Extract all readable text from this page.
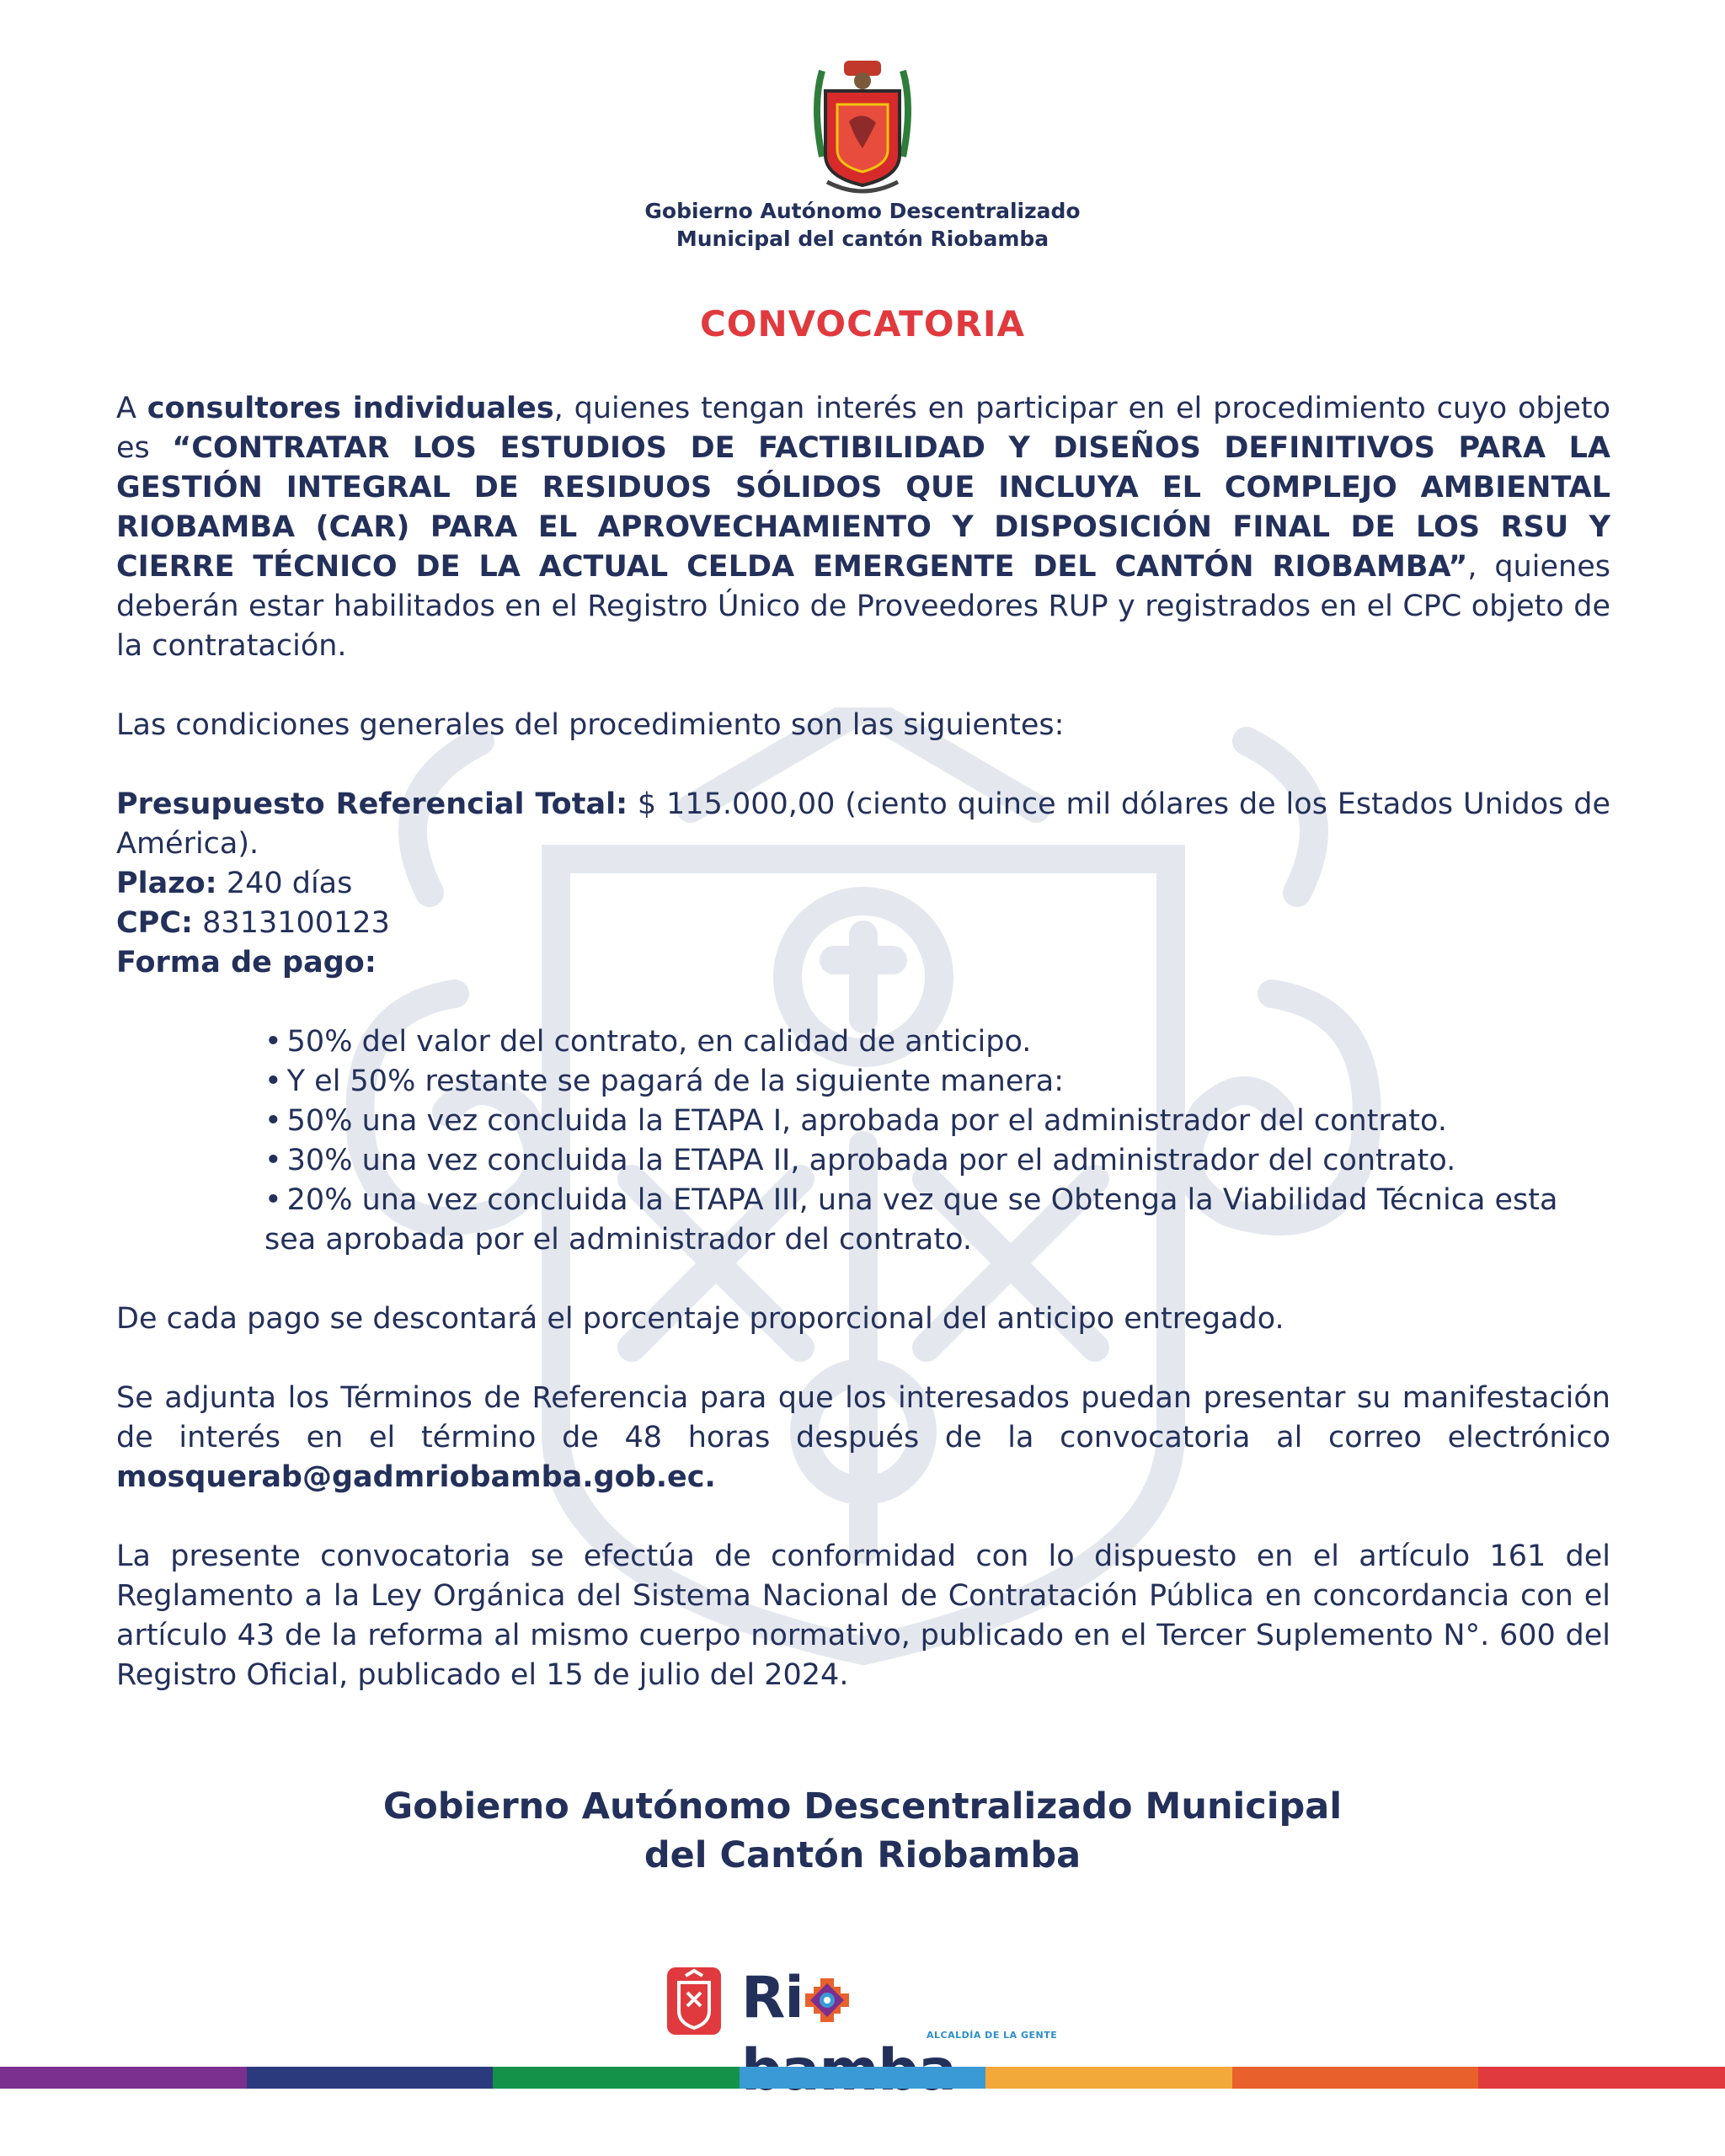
Gobierno Autónomo Descentralizado
Municipal del cantón Riobamba
CONVOCATORIA

A consultores individuales, quienes tengan interés en participar en el procedimiento cuyo objeto es “CONTRATAR LOS ESTUDIOS DE FACTIBILIDAD Y DISEÑOS DEFINITIVOS PARA LA GESTIÓN INTEGRAL DE RESIDUOS SÓLIDOS QUE INCLUYA EL COMPLEJO AMBIENTAL RIOBAMBA (CAR) PARA EL APROVECHAMIENTO Y DISPOSICIÓN FINAL DE LOS RSU Y CIERRE TÉCNICO DE LA ACTUAL CELDA EMERGENTE DEL CANTÓN RIOBAMBA”, quienes deberán estar habilitados en el Registro Único de Proveedores RUP y registrados en el CPC objeto de la contratación.

Las condiciones generales del procedimiento son las siguientes:

Presupuesto Referencial Total: $ 115.000,00 (ciento quince mil dólares de los Estados Unidos de América).

Plazo: 240 días

CPC: 8313100123

Forma de pago:

• 50% del valor del contrato, en calidad de anticipo.
• Y el 50% restante se pagará de la siguiente manera:
• 50% una vez concluida la ETAPA I, aprobada por el administrador del contrato.
• 30% una vez concluida la ETAPA II, aprobada por el administrador del contrato.
• 20% una vez concluida la ETAPA III, una vez que se Obtenga la Viabilidad Técnica esta sea aprobada por el administrador del contrato.

De cada pago se descontará el porcentaje proporcional del anticipo entregado.

Se adjunta los Términos de Referencia para que los interesados puedan presentar su manifestación de interés en el término de 48 horas después de la convocatoria al correo electrónico mosquerab@gadmriobamba.gob.ec.

La presente convocatoria se efectúa de conformidad con lo dispuesto en el artículo 161 del Reglamento a la Ley Orgánica del Sistema Nacional de Contratación Pública en concordancia con el artículo 43 de la reforma al mismo cuerpo normativo, publicado en el Tercer Suplemento N°. 600 del Registro Oficial, publicado el 15 de julio del 2024.

Gobierno Autónomo Descentralizado Municipal
del Cantón Riobamba
Ri
ALCALDÍA DE LA GENTE
